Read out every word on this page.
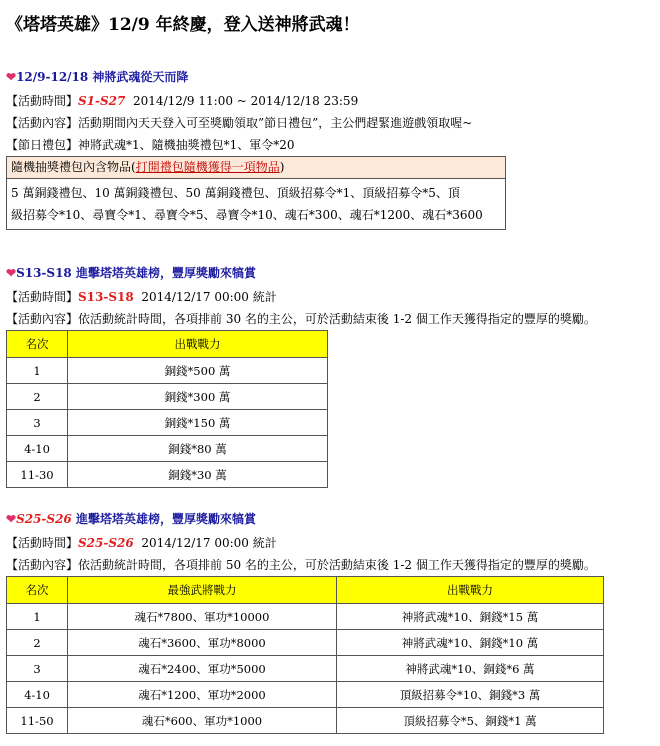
《塔塔英雄》12/9 年終慶，登入送神將武魂！
❤12/9-12/18 神將武魂從天而降
【活動時間】S1-S27 2014/12/9 11:00 ~ 2014/12/18 23:59
【活動內容】活動期間內天天登入可至獎勵領取”節日禮包”，主公們趕緊進遊戲領取喔~
【節日禮包】神將武魂*1、隨機抽獎禮包*1、軍令*20
隨機抽獎禮包內含物品(打開禮包隨機獲得一項物品)
5 萬銅錢禮包、10 萬銅錢禮包、50 萬銅錢禮包、頂級招募令*1、頂級招募令*5、頂
級招募令*10、尋寶令*1、尋寶令*5、尋寶令*10、魂石*300、魂石*1200、魂石*3600
❤S13-S18 進擊塔塔英雄榜，豐厚獎勵來犒賞
【活動時間】S13-S18 2014/12/17 00:00 統計
【活動內容】依活動統計時間，各項排前 30 名的主公，可於活動結束後 1-2 個工作天獲得指定的豐厚的獎勵。
名次	出戰戰力
1	銅錢*500 萬
2	銅錢*300 萬
3	銅錢*150 萬
4-10	銅錢*80 萬
11-30	銅錢*30 萬
❤S25-S26 進擊塔塔英雄榜，豐厚獎勵來犒賞
【活動時間】S25-S26 2014/12/17 00:00 統計
【活動內容】依活動統計時間，各項排前 50 名的主公，可於活動結束後 1-2 個工作天獲得指定的豐厚的獎勵。
名次	最強武將戰力	出戰戰力
1	魂石*7800、軍功*10000	神將武魂*10、銅錢*15 萬
2	魂石*3600、軍功*8000	神將武魂*10、銅錢*10 萬
3	魂石*2400、軍功*5000	神將武魂*10、銅錢*6 萬
4-10	魂石*1200、軍功*2000	頂級招募令*10、銅錢*3 萬
11-50	魂石*600、軍功*1000	頂級招募令*5、銅錢*1 萬
